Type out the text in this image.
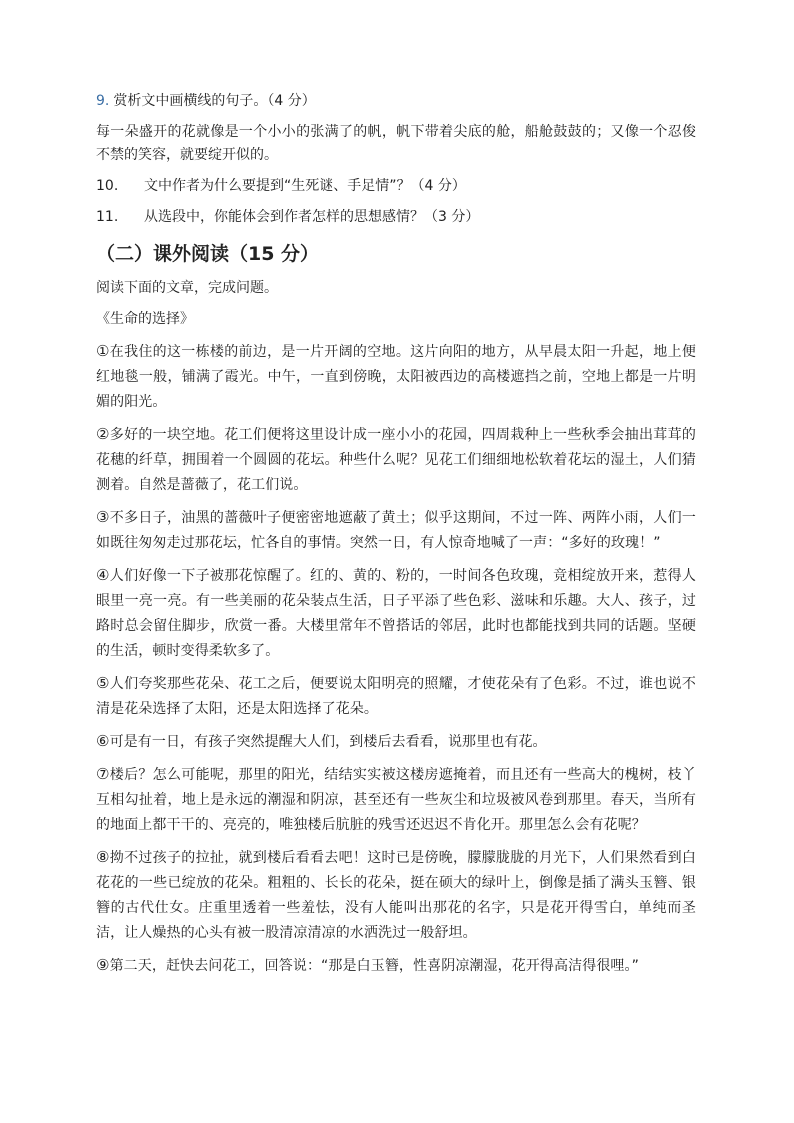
9. 赏析文中画横线的句子。（4 分）
每一朵盛开的花就像是一个小小的张满了的帆，帆下带着尖底的舱，船舱鼓鼓的；又像一个忍俊不禁的笑容，就要绽开似的。
10.	文中作者为什么要提到“生死谜、手足情”？（4 分）
11.	从选段中，你能体会到作者怎样的思想感情？（3 分）
（二）课外阅读（15 分）
阅读下面的文章，完成问题。
《生命的选择》
①在我住的这一栋楼的前边，是一片开阔的空地。这片向阳的地方，从早晨太阳一升起，地上便红地毯一般，铺满了霞光。中午，一直到傍晚，太阳被西边的高楼遮挡之前，空地上都是一片明媚的阳光。
②多好的一块空地。花工们便将这里设计成一座小小的花园，四周栽种上一些秋季会抽出茸茸的花穗的纤草，拥围着一个圆圆的花坛。种些什么呢？见花工们细细地松软着花坛的湿土，人们猜测着。自然是蔷薇了，花工们说。
③不多日子，油黑的蔷薇叶子便密密地遮蔽了黄土；似乎这期间，不过一阵、两阵小雨，人们一如既往匆匆走过那花坛，忙各自的事情。突然一日，有人惊奇地喊了一声：“多好的玫瑰！”
④人们好像一下子被那花惊醒了。红的、黄的、粉的，一时间各色玫瑰，竞相绽放开来，惹得人眼里一亮一亮。有一些美丽的花朵装点生活，日子平添了些色彩、滋味和乐趣。大人、孩子，过路时总会留住脚步，欣赏一番。大楼里常年不曾搭话的邻居，此时也都能找到共同的话题。坚硬的生活，顿时变得柔软多了。
⑤人们夸奖那些花朵、花工之后，便要说太阳明亮的照耀，才使花朵有了色彩。不过，谁也说不清是花朵选择了太阳，还是太阳选择了花朵。
⑥可是有一日，有孩子突然提醒大人们，到楼后去看看，说那里也有花。
⑦楼后？怎么可能呢，那里的阳光，结结实实被这楼房遮掩着，而且还有一些高大的槐树，枝丫互相勾扯着，地上是永远的潮湿和阴凉，甚至还有一些灰尘和垃圾被风卷到那里。春天，当所有的地面上都干干的、亮亮的，唯独楼后肮脏的残雪还迟迟不肯化开。那里怎么会有花呢？
⑧拗不过孩子的拉扯，就到楼后看看去吧！这时已是傍晚，朦朦胧胧的月光下，人们果然看到白花花的一些已绽放的花朵。粗粗的、长长的花朵，挺在硕大的绿叶上，倒像是插了满头玉簪、银簪的古代仕女。庄重里透着一些羞怯，没有人能叫出那花的名字，只是花开得雪白，单纯而圣洁，让人燥热的心头有被一股清凉清凉的水洒洗过一般舒坦。
⑨第二天，赶快去问花工，回答说：“那是白玉簪，性喜阴凉潮湿，花开得高洁得很哩。”
